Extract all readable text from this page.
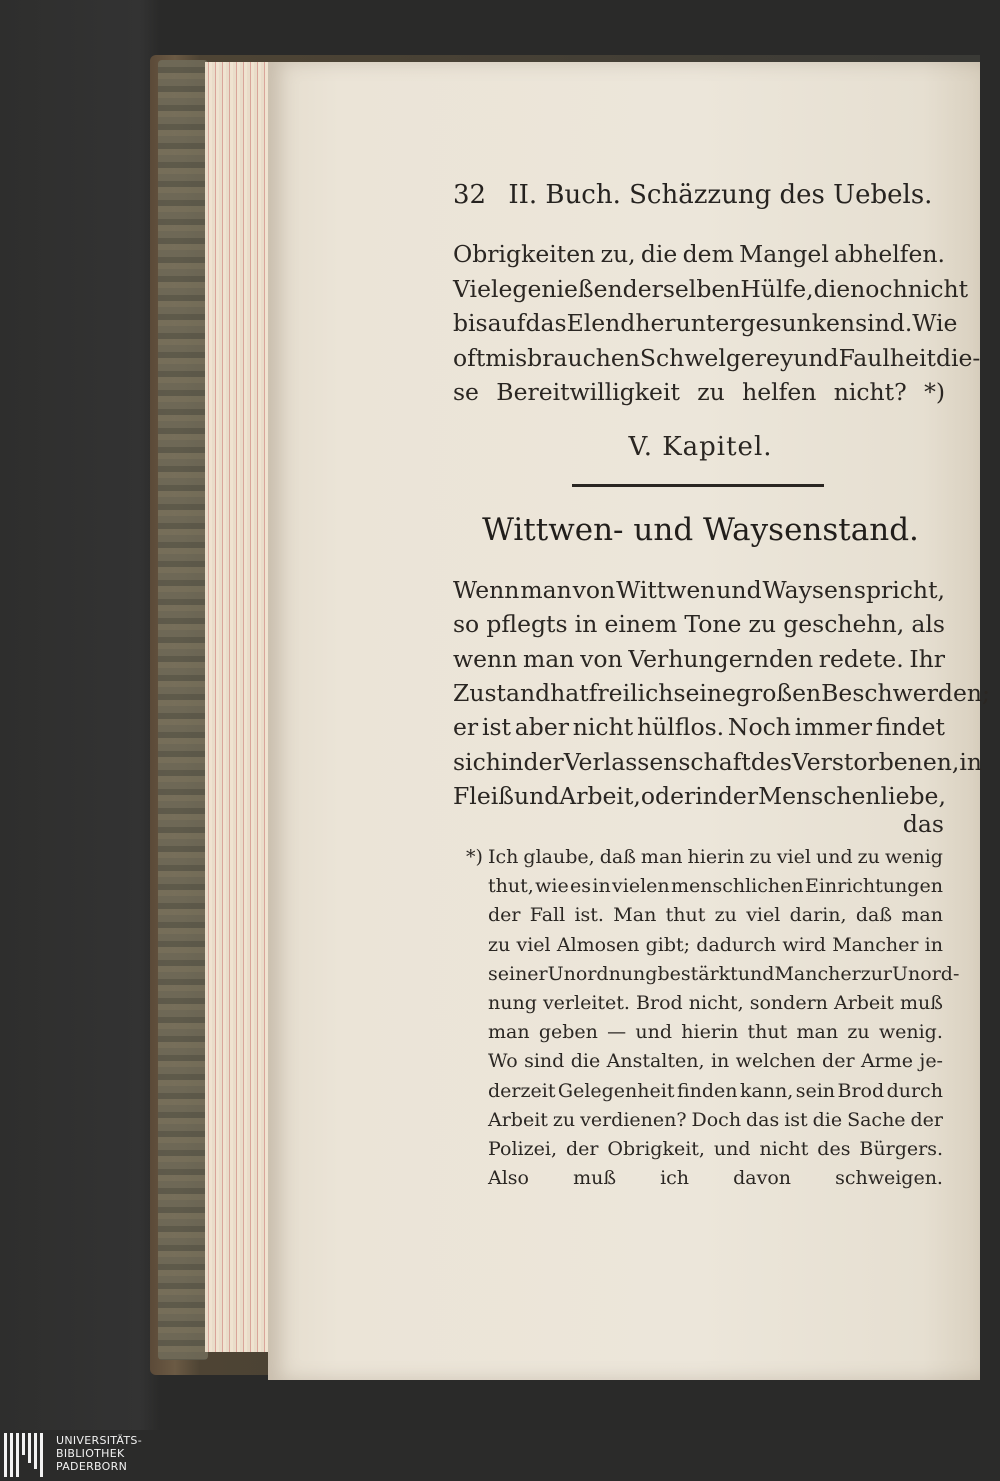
32 II. Buch. Schäzzung des Uebels.
Obrigkeiten zu, die dem Mangel abhelfen.
Viele genießen derselben Hülfe, die noch nicht
bis auf das Elend heruntergesunken sind. Wie
oft misbrauchen Schwelgerey und Faulheit die-
se Bereitwilligkeit zu helfen nicht? *)
V. Kapitel.
Wittwen- und Waysenstand.
Wenn man von Wittwen und Waysen spricht,
so pflegts in einem Tone zu geschehn, als
wenn man von Verhungernden redete. Ihr
Zustand hat freilich seine großen Beschwerden;
er ist aber nicht hülflos. Noch immer findet
sich in der Verlassenschaft des Verstorbenen, in
Fleiß und Arbeit, oder in der Menschenliebe,
das
*) Ich glaube, daß man hierin zu viel und zu wenig
thut, wie es in vielen menschlichen Einrichtungen
der Fall ist. Man thut zu viel darin, daß man
zu viel Almosen gibt; dadurch wird Mancher in
seiner Unordnung bestärkt und Mancher zur Unord-
nung verleitet. Brod nicht, sondern Arbeit muß
man geben — und hierin thut man zu wenig.
Wo sind die Anstalten, in welchen der Arme je-
derzeit Gelegenheit finden kann, sein Brod durch
Arbeit zu verdienen? Doch das ist die Sache der
Polizei, der Obrigkeit, und nicht des Bürgers.
Also muß ich davon schweigen.
UNIVERSITÄTS-
BIBLIOTHEK
PADERBORN
